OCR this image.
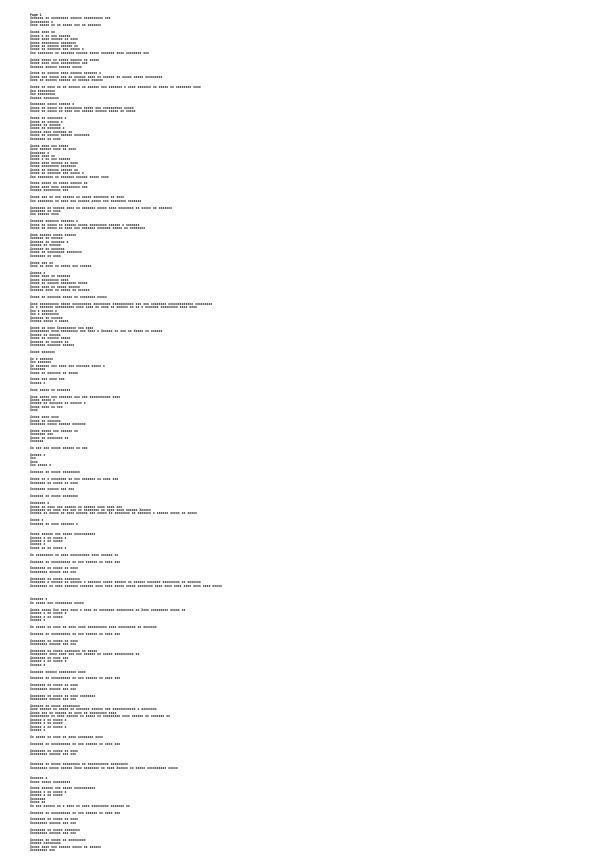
Page 1
Xxxxxxx xx xxxxxxxxx xxxxxx xxxxxxxxxx xxx
Xxxxxxxxxx x
Xxxx xxxxx xx xx xxxxx xxx xx xxxxxxx
Xxxxx xxxx xx
Xxxxx x xx xxx xxxxxx
Xxxxx xxxx xxxxxx xx xxxx
Xxxxx xxxxxxxxx xxxxxxxx
Xxxxx xx xxxxxx xxxxxx xx
Xxxxx xx xxxxxxx xxx xxxxx x
Xxx xxxxxxxx xx xxxxxxx xxxxxx xxxxx xxxxxxx xxxx xxxxxxxx xxx
Xxxxx xxxxx xx xxxxx xxxxxx xx xxxxx
Xxxxx xxxx xxxx xxxxxxxxxx xxx
Xxxxxxx xxxxxx xxxxxx xxxxx
Xxxxx xx xxxxxx xxxx xxxxxx xxxxxxx x
Xxxxx xxx xxxxx xxx xx xxxxxx xxxx xx xxxxxx xx xxxxx xxxxx xxxxxxxxx
Xxxx xx xxxxxx xxxxxx xx xxxxxx xxxxxx
Xxxxx xx xxxx xx xx xxxxxx xx xxxxxx xxx xxxxxxx x xxxx xxxxxxx xx xxxxx xx xxxxxxxx xxxx
Xxx xxxxxxxxx
Xxx xxxxxxxxx
Xxxxxx xxxxxxxx
Xxxxxxxx xxxxx xxxxxx x
Xxxxx xx xxxxx xx xxxxxxxxx xxxxx xxx xxxxxxxxxx xxxxx
Xxxxx xx xxxxx xx xxxx xxx xxxxxx xxxxxx xxxxx xx xxxxx
Xxxxx xx xxxxxxxx x
Xxxxx xx xxxxxx x
Xxxxxx xx xxxxxx
Xxxxx xx xxxxxxx x
Xxxxxx xxxx xxxxxxx xx
Xxxxx xx xxxxxx xxxxxx xxxxxxxx
Xxxxxxxx xx xxxx
Xxxxx xxxx xxx xxxxx
Xxxx xxxxxx xxxx xx xxxx
Xxxxxxxx x
Xxxxx xxxx xx
Xxxxx x xx xxx xxxxxx
Xxxxx xxxx xxxxxx xx xxxx
Xxxxx xxxxxxxxx xxxxxxxx
Xxxxx xx xxxxxx xxxxxx xx
Xxxxx xx xxxxxxx xxx xxxxx x
Xxx xxxxxxxx xx xxxxxxx xxxxxx xxxxx xxxx
Xxxxx xxxxx xx xxxxx xxxxxx xx
Xxxxx xxxx xxxx xxxxxxxxxx xxx
Xxxxxx xxxxxxxxx xxx
Xxxxx xxx xx xxx xxxxxx xx xxxxx xxxxxxxx xx xxxx
Xxx xxxxxxxx xx xxxx xxx xxxxxx xxxxx xxx xxxxxxxx xxxxxxx
Xxxxxxxx xx xxxxxx xxxx xx xxxxxxx xxxxx xxxx xxxxxxxx xx xxxxx xx xxxxxxx
Xxxxxxxx xx xxxx
Xxx xxxxxx xxxx
Xxxxxxx xxxxxxx xxxxxxx x
Xxxxx xx xxxxx xx xxxxxx xxxxx xxxxxxxxx xxxxxx x xxxxxxx
Xxxxx xx xxxxx xx xxxx xxx xxxxxxx xxxxxxx xxxxx xx xxxxxxxx
Xxxx xxxxxx xxxxx xxxxxx
Xxxxxxx xx xxxxxx
Xxxxxxx xx xxxxxxx x
Xxxxxx xx xxxxxx
Xxxxxxx xx xxxxxxx
Xxxxx xx xxxxxxxxx xxxxxxxx
Xxxxxxxx xx xxxx
Xxxxx xxx xx
Xxxx xx xxxx xx xxxxx xxx xxxxxx
Xxxxxx x
Xxxxx xxxx xx xxxxxxx
Xxxxx xxxxxxxxx xxxx
Xxxxx xx xxxxxx xxxxxxxx xxxxx
Xxxxx xxxx xx xxxxx xxxxxx
Xxxxxxx xxxx xx xxxxx xx xxxxxx
Xxxxx xx xxxxxxx xxxxx xx xxxxxxxx xxxxx
Xxxx xxxxxxxxxx xxxxx xxxxxxxxxx xxxxxxxxx xxxxxxxxxxx xxx xxx xxxxxxxx xxxxxxxxxxxxx xxxxxxxxx
Xx x xxxxxxx xxxxxxxxxx xxxx xxxx xx xxxx xx xxxxxx xx xx x xxxxxxx xxxxxxxxx xxxx xxxx
Xxx x xxxxxx x
Xxx x xxxxxxxxx
Xxxxxxx xx xxxxxx
Xxxxxx xxxxx x xxxxx
Xxxxx xx xxxx Xxxxxxxxxx xxx xxxx
Xxxxxxxxxx xxxx xxxxxxxxx xxx Xxxx x Xxxxxx xx xxx xx Xxxxx xx xxxxxx
Xxxxxx xx xxxxxx
Xxxxx xx xxxxxx xxxxx
Xxxxxxx xx xxxxxx xx
Xxxxxxxx xxxxxxx xxxxxx
Xxxxx xxxxxxx
Xx x xxxxxxx
Xxx xxxxxxx
Xx xxxxxxx xxx xxxx xxx xxxxxxx xxxxx x
Xxxxxxxx
Xxxxx xx xxxxxxx xx xxxxx
Xxxxx xxx xxxx xxx
Xxxxxx x
Xxxx xxxxx xx xxxxxxx
Xxxx xxxxx xxx xxxxxxx xxx xxx xxxxxxxxxxx xxxx
Xxxxx xxxxx x
Xxxxxx xx xxxxxxx xx xxxxxx x
Xxxxx xxxx xx xxx
Xxxx
Xxxxx xxxx xxxx
Xxxxx xx xxxxxxx
Xxxxxxxx xxxxx xxxxxx xxxxxxx
Xxxxx xxxxx xxx xxxxxx xx
Xxxxxxxx xxx
Xxxxx xx xxxxxxxx xx
Xxxxxxx
Xx xxx xxx xxxxx xxxxxx xx xxx
Xxxxxx x
Xxx
Xxxx
Xxx xxxxx x
Xxxxxxx xx xxxxx xxxxxxxxx
Xxxxx xx x xxxxxxxx xx xxx xxxxxxx xx xxxx xxx
Xxxxxxxx xx xxxxx xx xxxx
Xxxxxxxx xxxxxx xxx xxx
Xxxxxxx xx xxxxx xxxxxxxx
Xxxxxxxx x
Xxxxx xx xxxx xxx xxxxxx xx xxxxxx xxxx xxxx xxx
Xxxxxxxx xx xxxx xxx xxx xx xxxxxxxx xx xxxx xxxx xxxxxx Xxxxxx
Xxxxxx xx xxxxx xx xxxx xxxxxx xxx xxxxx Xx xxxxxxxx xx xxxxxxx x xxxxxx xxxxx xx xxxxx
Xxxxx x
Xxxxxxx xx xxxx xxxxxxx x
Xxxxx xxxxxx xxx xxxxx xxxxxxxxxxx
Xxxxxx x xx xxxxx x
Xxxxxx x xx xxxxx
Xxxxxx x
Xxxxx xx xx xxxxx x
Xx xxxxxxxxx xx xxxx xxxxxxxxxx xxxx xxxxxx xx
Xxxxxxx xx xxxxxxxxxx xx xxx xxxxxx xx xxxx xxx
Xxxxxxxx xx xxxxx xx xxxx
Xxxxxxxxx xxxxxx xxx xxx
Xxxxxxxx xx xxxxx xxxxxxxx
Xxxxxxxx x xxxxxx xx xxxxxx x xxxxxxx xxxxx xxxxxx xx xxxxxx xxxxxxx xxxxxxxxx xx xxxxxxx
Xxxxxxxxx xx xxxx xxxxxxx xxxxxxx xxxx xxxx xxxxx xxxxx xxxxxxxx xxxx xxxx xxxx xxxx xxxx xxxx xxxxx
Xxxxxxx x
Xx xxxxx xxx xxxxxxxxx xxxxx
Xxxxx xxxxx Xxx xxxx xxxx x xxxx xx xxxxxxxx xxxxxxxxx xx Xxxx xxxxxxxxx xxxxx xx
Xxxxxx x xx xxxxx x
Xxxxxx x xx xxxxx
Xxxxxx x
Xx xxxxx xx xxxx xx xxxx xxxx xxxxxxxxxx xxxx xxxxxxxxx xx xxxxxxx
Xxxxxxx xx xxxxxxxxxx xx xxx xxxxxx xx xxxx xxx
Xxxxxxxx xx xxxxx xx xxxx
Xxxxxxxxx xxxxxx xxx xxx
Xxxxxxxx xx xxxxx xxxxxxxx xx xxxxx
Xxxxxxxxx xxxx xxxx xxx xxx xxxxxx xx xxxxx xxxxxxxxxx xx
Xxxxxxxx xx xxxx xxx
Xxxxxx x xx xxxxx x
Xxxxxx x
Xxxxxxx xxxxxx xxxxxxxxx xxxx
Xxxxxxx xx xxxxxxxxxx xx xxx xxxxxx xx xxxx xxx
Xxxxxxxx xx xxxxx xx xxxx
Xxxxxxxxx xxxxxx xxx xxx
Xxxxxxxx xx xxxxx xx xxxx xxxxxxxx
Xxxxxxxxx xxxxxx xxx xxx
Xxxxxxx xx xxxxx xxxxxxxxx
Xxxx xxxxxx xx xxxxx xx xxxxxxx xxxxxx xxx xxxxxxxxxxxx x xxxxxxxx
Xxxxx xxx xx xxxxxx xx xxxx xx xxxxxxxxx xxxx
Xxxxxxxxxx xx xxxx xxxxxx xx xxxxx xx xxxxxxxxx xxxx xxxxxx xx xxxxxxx xx
Xxxxxx x xx xxxxx x
Xxxxxx x xx xxxxx
Xxxxxx x xx xxxxx x
Xxxxxx x
Xx xxxxx xx xxxx xx xxxx xxxxxxxx xxxx
Xxxxxxx xx xxxxxxxxxx xx xxx xxxxxx xx xxxx xxx
Xxxxxxxx xx xxxxx xx xxxx
Xxxxxxxxx xxxxxx xxx xxx
Xxxxxxx xx xxxxx xxxxxxxxx xx xxxxxxxxxxx xxxxxxxxx
Xxxxxxxxx xxxxx xxxxxx Xxxx xxxxxxxx xx xxxx Xxxxxx xx xxxxx xxxxxxxxxx xxxxx
Xxxxxxx x
Xxxxx xxxxx xxxxxxxxx
Xxxxx xxxxxx xxx xxxxx xxxxxxxxxxx
Xxxxxx x xx xxxxx x
Xxxxxx x xx xxxxx
Xxxxxxxx
Xxxxx xx
Xx xxx xxxxxx xx x xxxx xx xxxx xxxxxxxxx xxxxxxx xx
Xxxxxxx xx xxxxxxxxxx xx xxx xxxxxx xx xxxx xxx
Xxxxxxxx xx xxxxx xx xxxx
Xxxxxxxxx xxxxxx xxx xxx
Xxxxxxxx xx xxxxx xxxxxxxx
Xxxxxxxxx xxxxxx xxx xxx
Xxxxxxx xx xxxxx xx xxxxxxxxx
Xxxxxx xxxxxxxxx
Xxxxx xxxx xxx xxxxxx xxxxx xx xxxxxx
Xxxxxxxxx xxx
